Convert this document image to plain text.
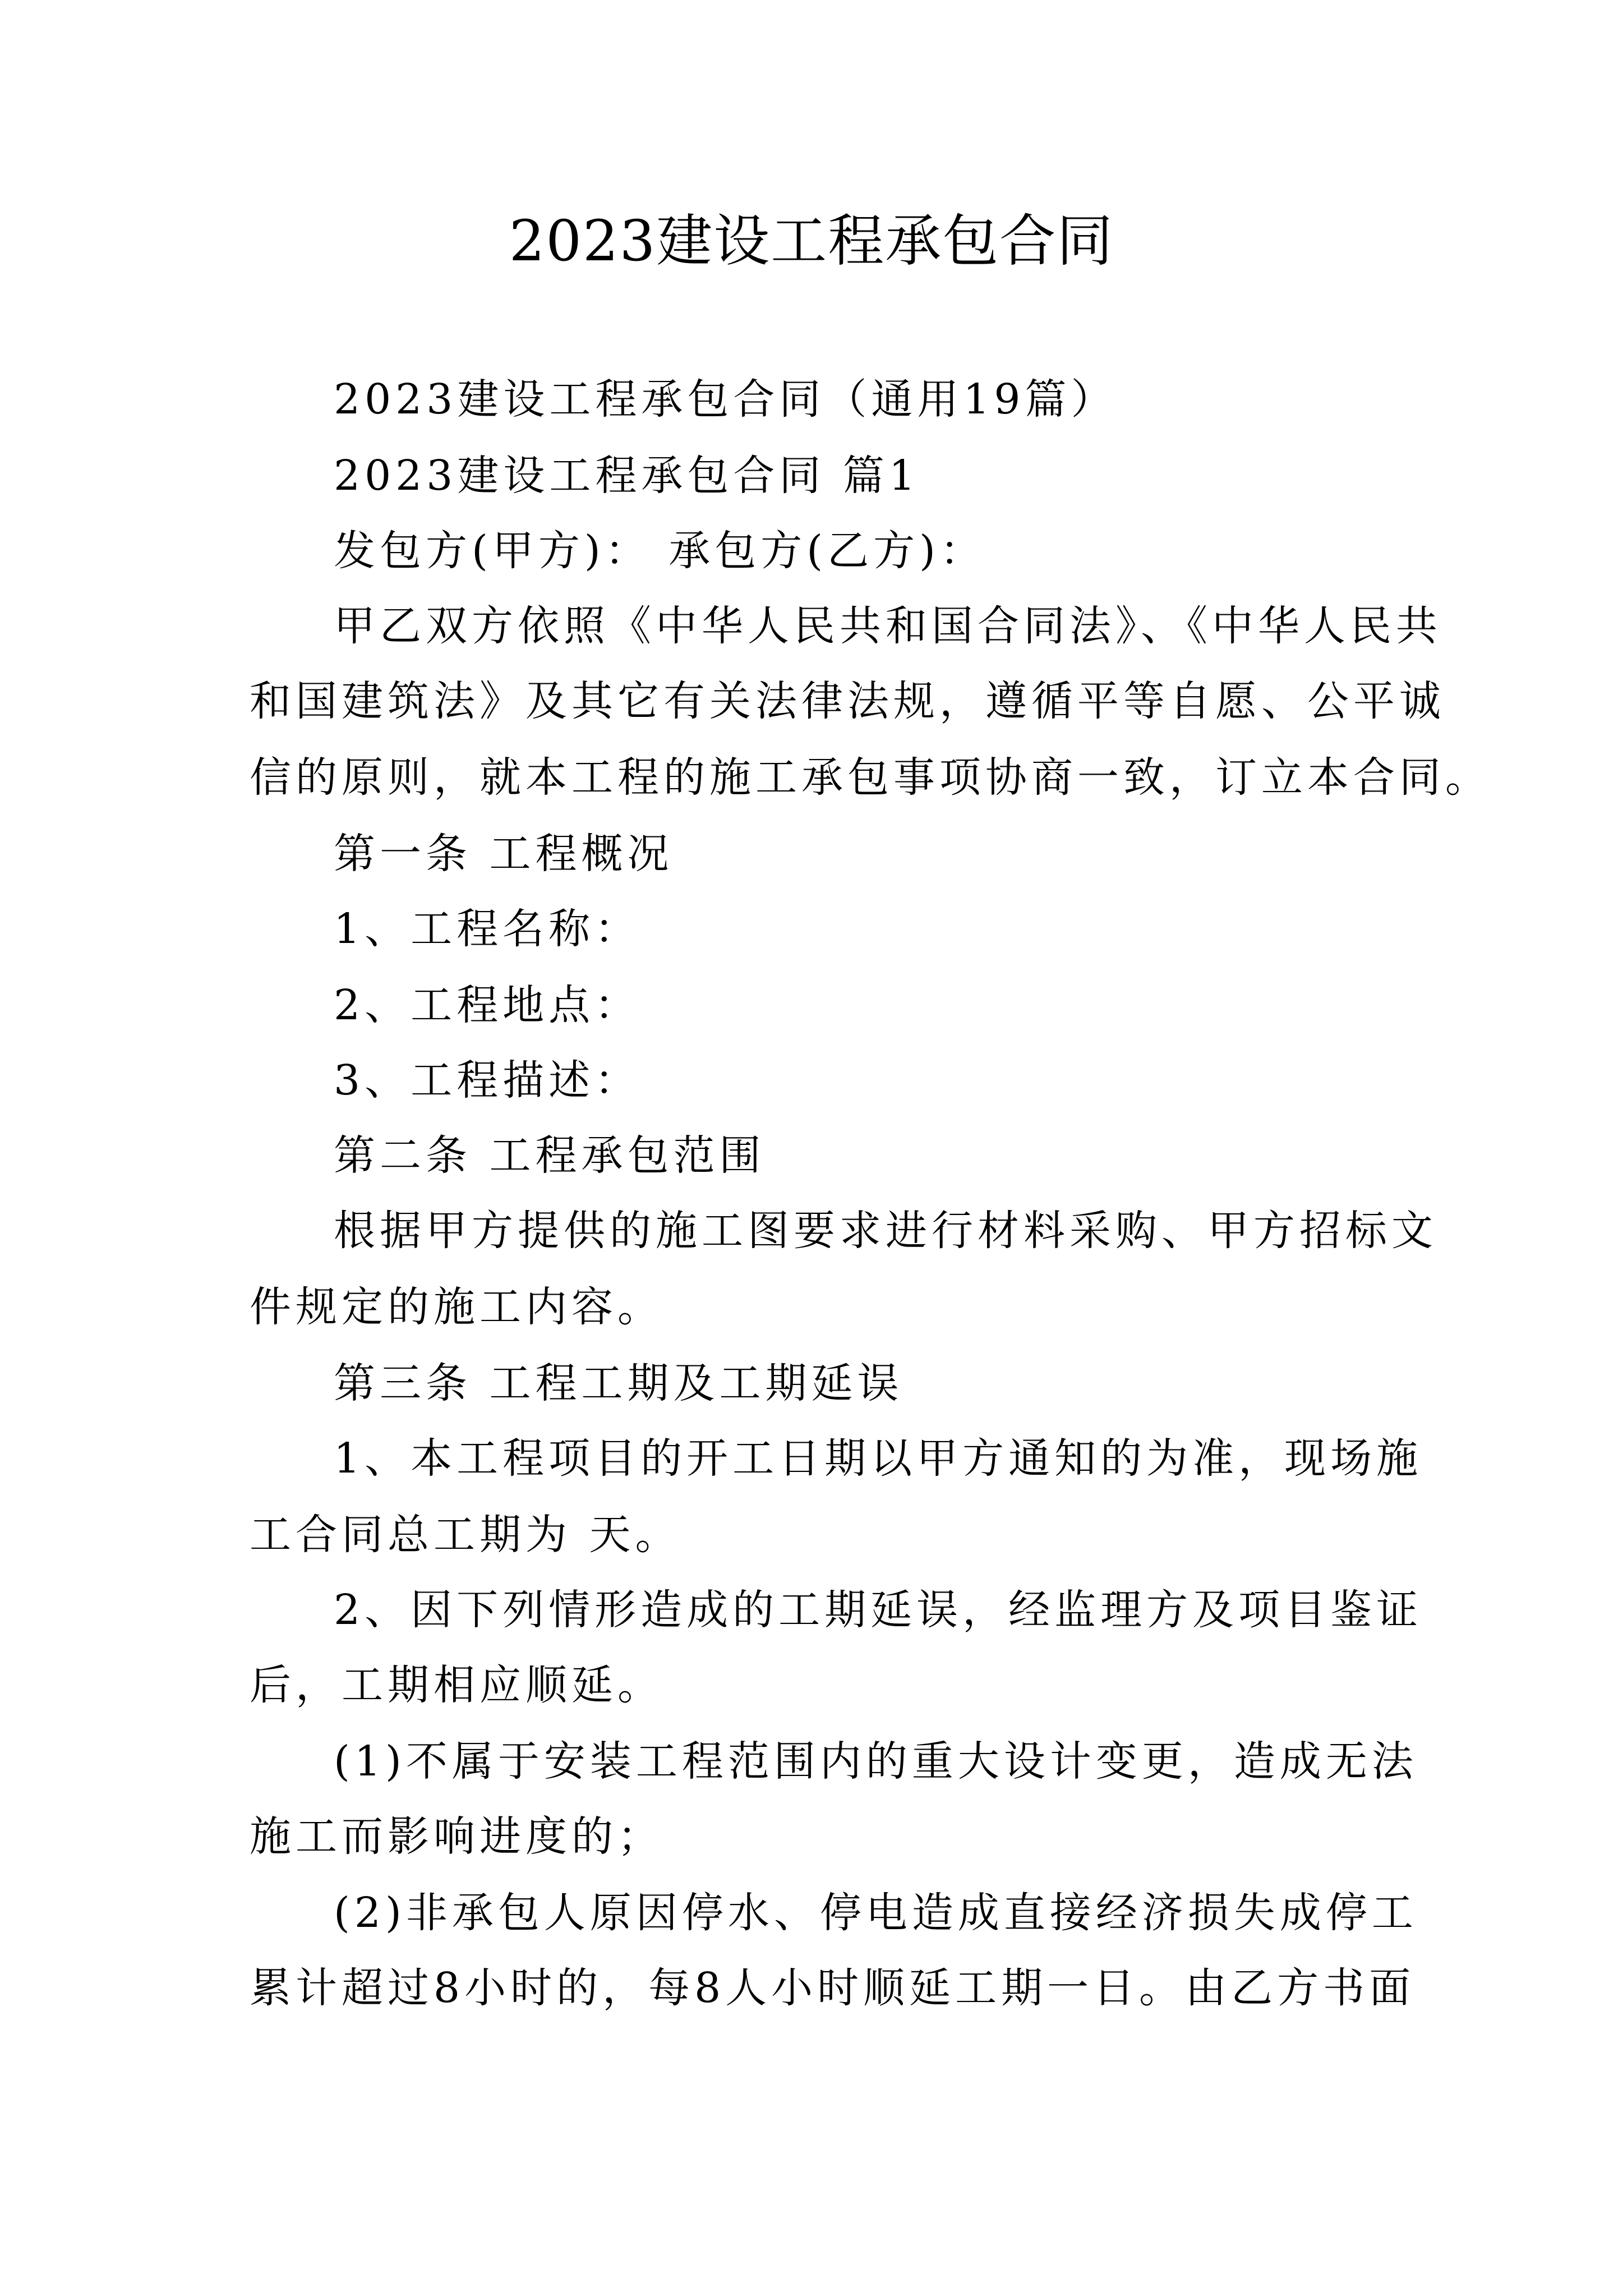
2023建设工程承包合同
2023建设工程承包合同（通用19篇）
2023建设工程承包合同 篇1
发包方(甲方)： 承包方(乙方)：
甲乙双方依照《中华人民共和国合同法》、《中华人民共
和国建筑法》及其它有关法律法规，遵循平等自愿、公平诚
信的原则，就本工程的施工承包事项协商一致，订立本合同。
第一条 工程概况
1、工程名称：
2、工程地点：
3、工程描述：
第二条 工程承包范围
根据甲方提供的施工图要求进行材料采购、甲方招标文
件规定的施工内容。
第三条 工程工期及工期延误
1、本工程项目的开工日期以甲方通知的为准，现场施
工合同总工期为 天。
2、因下列情形造成的工期延误，经监理方及项目鉴证
后，工期相应顺延。
(1)不属于安装工程范围内的重大设计变更，造成无法
施工而影响进度的；
(2)非承包人原因停水、停电造成直接经济损失成停工
累计超过8小时的，每8人小时顺延工期一日。由乙方书面
